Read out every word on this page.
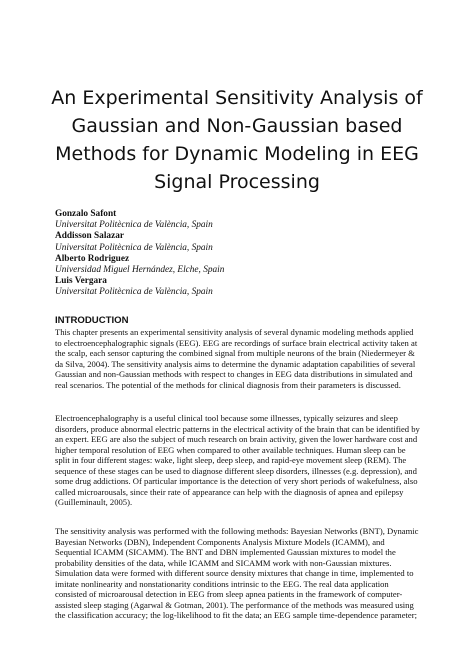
An Experimental Sensitivity Analysis of
Gaussian and Non-Gaussian based
Methods for Dynamic Modeling in EEG
Signal Processing
Gonzalo Safont
Universitat Politècnica de València, Spain
Addisson Salazar
Universitat Politècnica de València, Spain
Alberto Rodriguez
Universidad Miguel Hernández, Elche, Spain
Luis Vergara
Universitat Politècnica de València, Spain
INTRODUCTION
This chapter presents an experimental sensitivity analysis of several dynamic modeling methods applied
to electroencephalographic signals (EEG). EEG are recordings of surface brain electrical activity taken at
the scalp, each sensor capturing the combined signal from multiple neurons of the brain (Niedermeyer &
da Silva, 2004). The sensitivity analysis aims to determine the dynamic adaptation capabilities of several
Gaussian and non-Gaussian methods with respect to changes in EEG data distributions in simulated and
real scenarios. The potential of the methods for clinical diagnosis from their parameters is discussed.
Electroencephalography is a useful clinical tool because some illnesses, typically seizures and sleep
disorders, produce abnormal electric patterns in the electrical activity of the brain that can be identified by
an expert. EEG are also the subject of much research on brain activity, given the lower hardware cost and
higher temporal resolution of EEG when compared to other available techniques. Human sleep can be
split in four different stages: wake, light sleep, deep sleep, and rapid-eye movement sleep (REM). The
sequence of these stages can be used to diagnose different sleep disorders, illnesses (e.g. depression), and
some drug addictions. Of particular importance is the detection of very short periods of wakefulness, also
called microarousals, since their rate of appearance can help with the diagnosis of apnea and epilepsy
(Guilleminault, 2005).
The sensitivity analysis was performed with the following methods: Bayesian Networks (BNT), Dynamic
Bayesian Networks (DBN), Independent Components Analysis Mixture Models (ICAMM), and
Sequential ICAMM (SICAMM). The BNT and DBN implemented Gaussian mixtures to model the
probability densities of the data, while ICAMM and SICAMM work with non-Gaussian mixtures.
Simulation data were formed with different source density mixtures that change in time, implemented to
imitate nonlinearity and nonstationarity conditions intrinsic to the EEG. The real data application
consisted of microarousal detection in EEG from sleep apnea patients in the framework of computer-
assisted sleep staging (Agarwal & Gotman, 2001). The performance of the methods was measured using
the classification accuracy; the log-likelihood to fit the data; an EEG sample time-dependence parameter;
